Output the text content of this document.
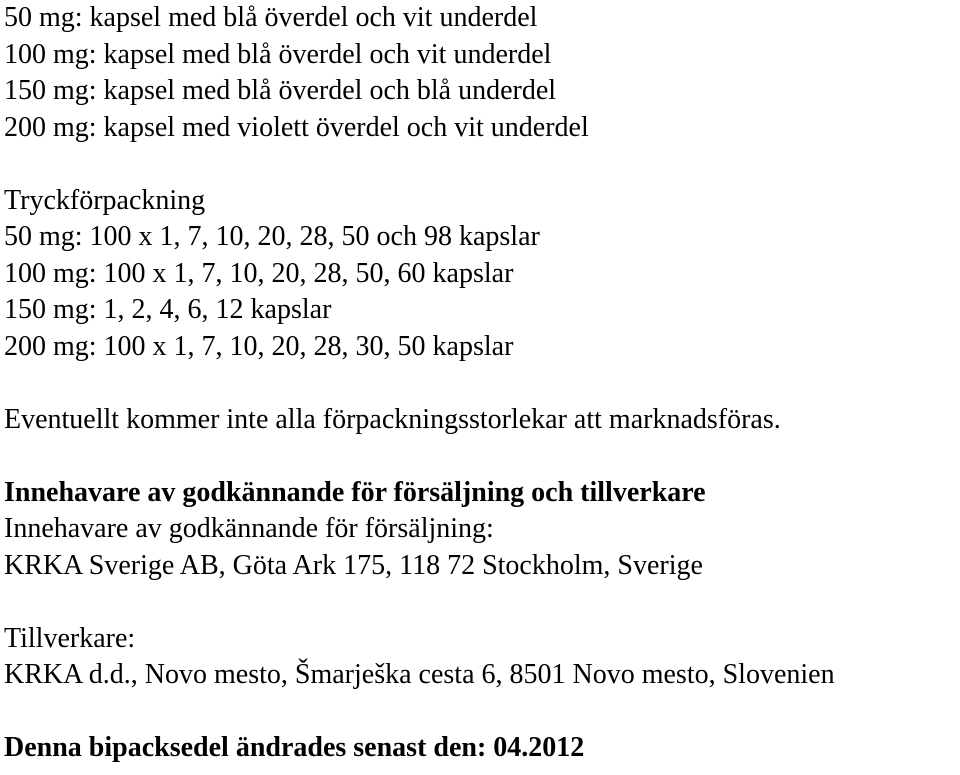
50 mg: kapsel med blå överdel och vit underdel

100 mg: kapsel med blå överdel och vit underdel

150 mg: kapsel med blå överdel och blå underdel

200 mg: kapsel med violett överdel och vit underdel

Tryckförpackning

50 mg: 100 x 1, 7, 10, 20, 28, 50 och 98 kapslar

100 mg: 100 x 1, 7, 10, 20, 28, 50, 60 kapslar

150 mg: 1, 2, 4, 6, 12 kapslar

200 mg: 100 x 1, 7, 10, 20, 28, 30, 50 kapslar

Eventuellt kommer inte alla förpackningsstorlekar att marknadsföras.

Innehavare av godkännande för försäljning och tillverkare

Innehavare av godkännande för försäljning:

KRKA Sverige AB, Göta Ark 175, 118 72 Stockholm, Sverige

Tillverkare:

KRKA d.d., Novo mesto, Šmarješka cesta 6, 8501 Novo mesto, Slovenien

Denna bipacksedel ändrades senast den: 04.2012
